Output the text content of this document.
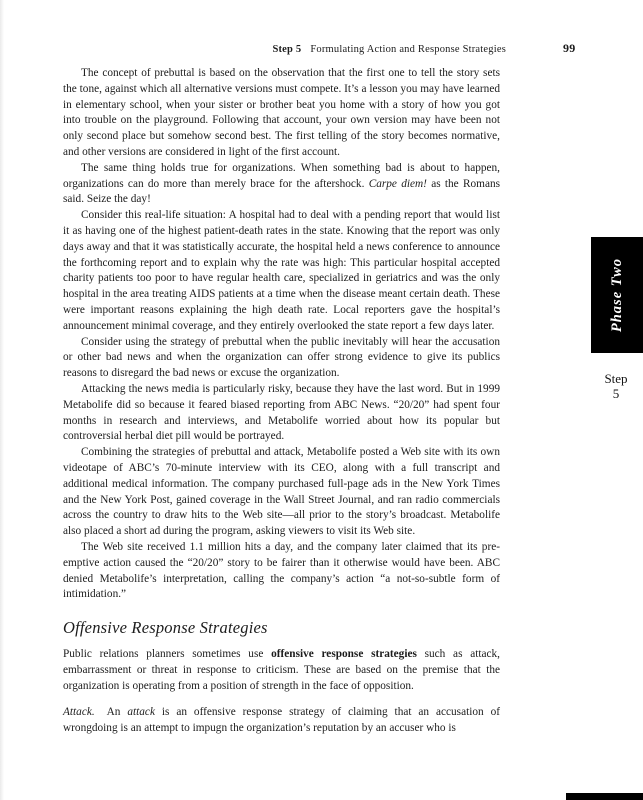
Step 5 Formulating Action and Response Strategies	99

The concept of prebuttal is based on the observation that the first one to tell the story sets the tone, against which all alternative versions must compete. It’s a lesson you may have learned in elementary school, when your sister or brother beat you home with a story of how you got into trouble on the playground. Following that account, your own version may have been not only second place but somehow second best. The first telling of the story becomes normative, and other versions are considered in light of the first account.

The same thing holds true for organizations. When something bad is about to happen, organizations can do more than merely brace for the aftershock. Carpe diem! as the Romans said. Seize the day!

Consider this real-life situation: A hospital had to deal with a pending report that would list it as having one of the highest patient-death rates in the state. Knowing that the report was only days away and that it was statistically accurate, the hospital held a news conference to announce the forthcoming report and to explain why the rate was high: This particular hospital accepted charity patients too poor to have regular health care, specialized in geriatrics and was the only hospital in the area treating AIDS patients at a time when the disease meant certain death. These were important reasons explaining the high death rate. Local reporters gave the hospital’s announcement minimal coverage, and they entirely overlooked the state report a few days later.

Consider using the strategy of prebuttal when the public inevitably will hear the accusation or other bad news and when the organization can offer strong evidence to give its publics reasons to disregard the bad news or excuse the organization.

Attacking the news media is particularly risky, because they have the last word. But in 1999 Metabolife did so because it feared biased reporting from ABC News. “20/20” had spent four months in research and interviews, and Metabolife worried about how its popular but controversial herbal diet pill would be portrayed.

Combining the strategies of prebuttal and attack, Metabolife posted a Web site with its own videotape of ABC’s 70-minute interview with its CEO, along with a full transcript and additional medical information. The company purchased full-page ads in the New York Times and the New York Post, gained coverage in the Wall Street Journal, and ran radio commercials across the country to draw hits to the Web site—all prior to the story’s broadcast. Metabolife also placed a short ad during the program, asking viewers to visit its Web site.

The Web site received 1.1 million hits a day, and the company later claimed that its pre-emptive action caused the “20/20” story to be fairer than it otherwise would have been. ABC denied Metabolife’s interpretation, calling the company’s action “a not-so-subtle form of intimidation.”

Offensive Response Strategies

Public relations planners sometimes use offensive response strategies such as attack, embarrassment or threat in response to criticism. These are based on the premise that the organization is operating from a position of strength in the face of opposition.

Attack.  An attack is an offensive response strategy of claiming that an accusation of wrongdoing is an attempt to impugn the organization’s reputation by an accuser who is

Phase Two
Step
5
